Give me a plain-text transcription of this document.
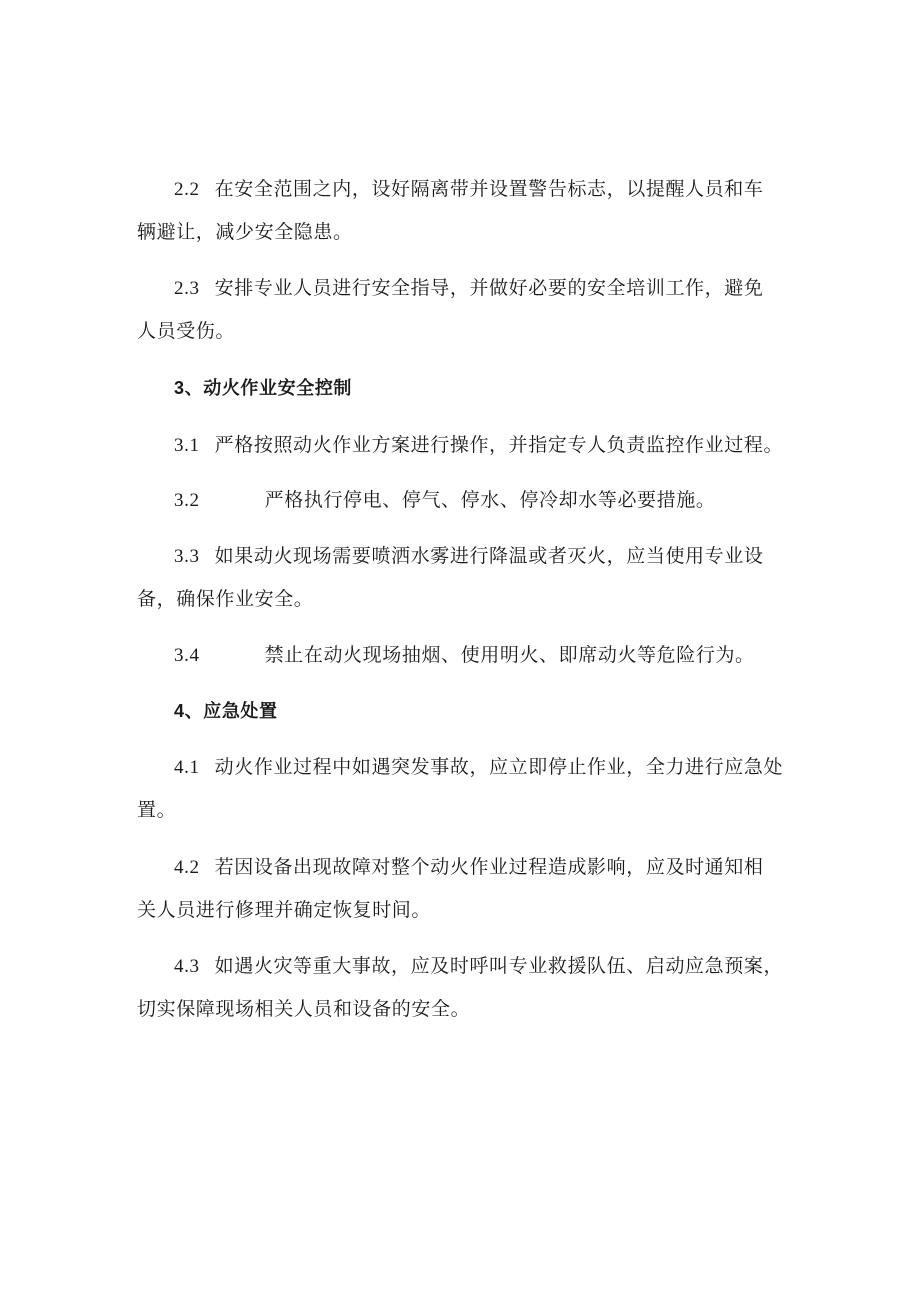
2.2 在安全范围之内，设好隔离带并设置警告标志，以提醒人员和车
辆避让，减少安全隐患。
2.3 安排专业人员进行安全指导，并做好必要的安全培训工作，避免
人员受伤。
3、动火作业安全控制
3.1 严格按照动火作业方案进行操作，并指定专人负责监控作业过程。
3.2	严格执行停电、停气、停水、停冷却水等必要措施。
3.3 如果动火现场需要喷洒水雾进行降温或者灭火，应当使用专业设
备，确保作业安全。
3.4	禁止在动火现场抽烟、使用明火、即席动火等危险行为。
4、应急处置
4.1 动火作业过程中如遇突发事故，应立即停止作业，全力进行应急处
置。
4.2 若因设备出现故障对整个动火作业过程造成影响，应及时通知相
关人员进行修理并确定恢复时间。
4.3 如遇火灾等重大事故，应及时呼叫专业救援队伍、启动应急预案，
切实保障现场相关人员和设备的安全。
